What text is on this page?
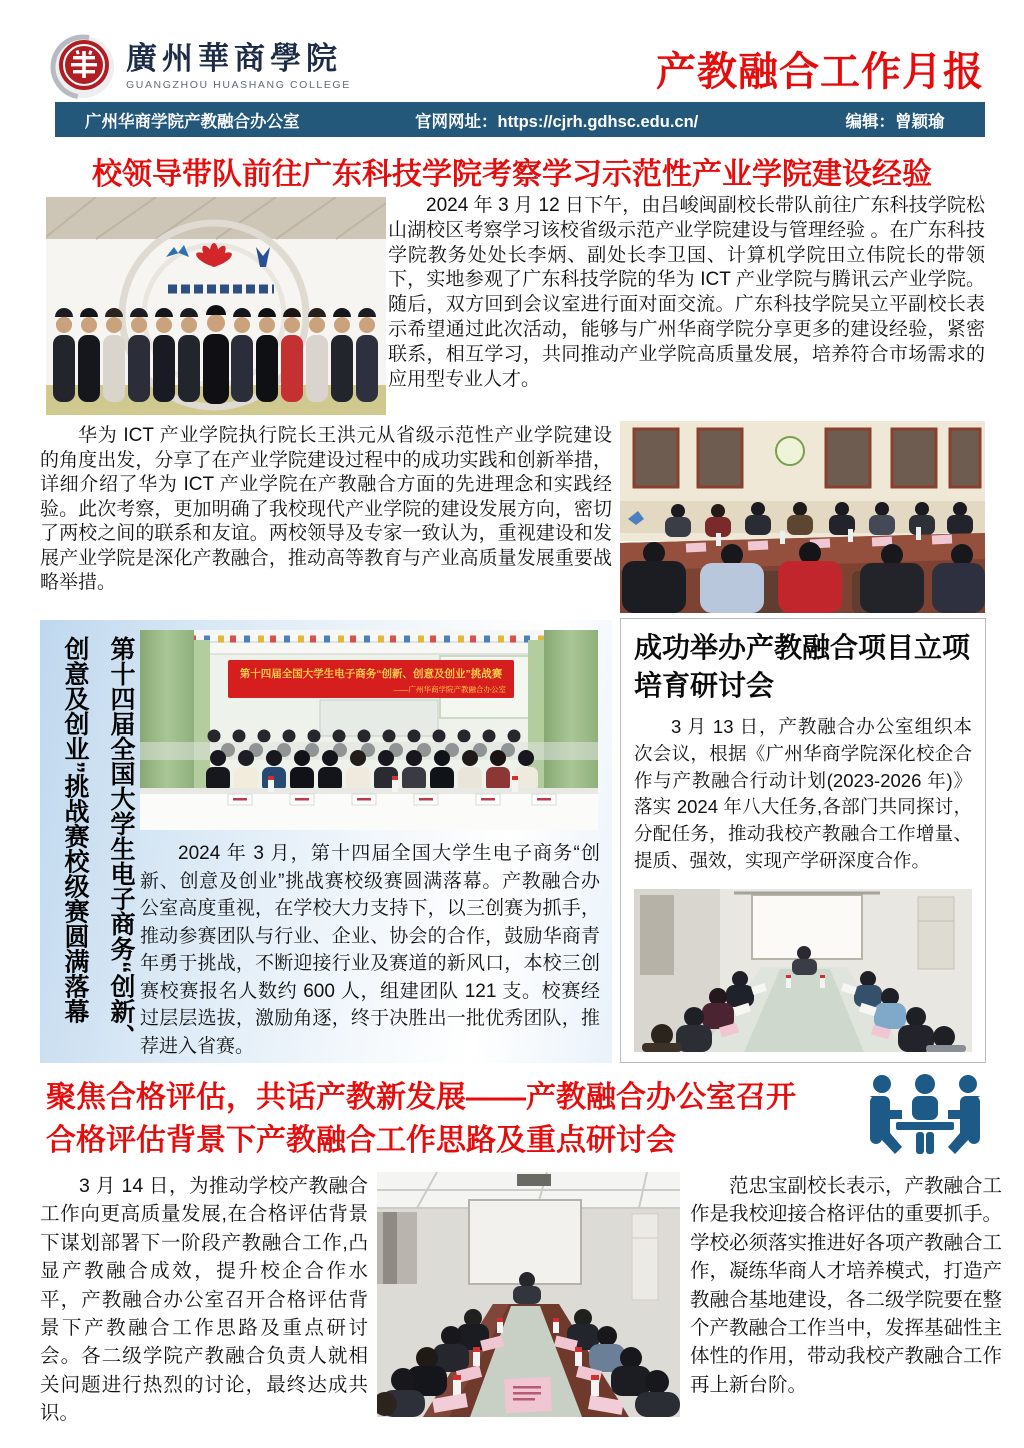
廣州華商學院
GUANGZHOU HUASHANG COLLEGE	产教融合工作月报
广州华商学院产教融合办公室	官网网址：https://cjrh.gdhsc.edu.cn/	编辑：曾颖瑜
校领导带队前往广东科技学院考察学习示范性产业学院建设经验
2024 年 3 月 12 日下午，由吕峻闽副校长带队前往广东科技学院松山湖校区考察学习该校省级示范产业学院建设与管理经验 。在广东科技学院教务处处长李炳、副处长李卫国、计算机学院田立伟院长的带领下，实地参观了广东科技学院的华为 ICT 产业学院与腾讯云产业学院。随后，双方回到会议室进行面对面交流。广东科技学院吴立平副校长表示希望通过此次活动，能够与广州华商学院分享更多的建设经验，紧密联系，相互学习，共同推动产业学院高质量发展，培养符合市场需求的应用型专业人才。
华为 ICT 产业学院执行院长王洪元从省级示范性产业学院建设的角度出发，分享了在产业学院建设过程中的成功实践和创新举措，详细介绍了华为 ICT 产业学院在产教融合方面的先进理念和实践经验。此次考察，更加明确了我校现代产业学院的建设发展方向，密切了两校之间的联系和友谊。两校领导及专家一致认为，重视建设和发展产业学院是深化产教融合，推动高等教育与产业高质量发展重要战略举措。
第十四届全国大学生电子商务“创新、创意及创业”挑战赛校级赛圆满落幕	第十四届全国大学生电子商务“创新、创意及创业”挑战赛
——广州华商学院产教融合办公室
2024 年 3 月，第十四届全国大学生电子商务“创新、创意及创业”挑战赛校级赛圆满落幕。产教融合办公室高度重视，在学校大力支持下，以三创赛为抓手，推动参赛团队与行业、企业、协会的合作，鼓励华商青年勇于挑战，不断迎接行业及赛道的新风口，本校三创赛校赛报名人数约 600 人，组建团队 121 支。校赛经过层层选拔，激励角逐，终于决胜出一批优秀团队，推荐进入省赛。
成功举办产教融合项目立项培育研讨会
3 月 13 日，产教融合办公室组织本次会议，根据《广州华商学院深化校企合作与产教融合行动计划(2023-2026 年)》落实 2024 年八大任务,各部门共同探讨，分配任务，推动我校产教融合工作增量、提质、强效，实现产学研深度合作。
聚焦合格评估，共话产教新发展——产教融合办公室召开
合格评估背景下产教融合工作思路及重点研讨会
3 月 14 日，为推动学校产教融合工作向更高质量发展,在合格评估背景下谋划部署下一阶段产教融合工作,凸显产教融合成效，提升校企合作水平，产教融合办公室召开合格评估背景下产教融合工作思路及重点研讨会。各二级学院产教融合负责人就相关问题进行热烈的讨论，最终达成共识。
范忠宝副校长表示，产教融合工作是我校迎接合格评估的重要抓手。学校必须落实推进好各项产教融合工作，凝练华商人才培养模式，打造产教融合基地建设，各二级学院要在整个产教融合工作当中，发挥基础性主体性的作用，带动我校产教融合工作再上新台阶。
